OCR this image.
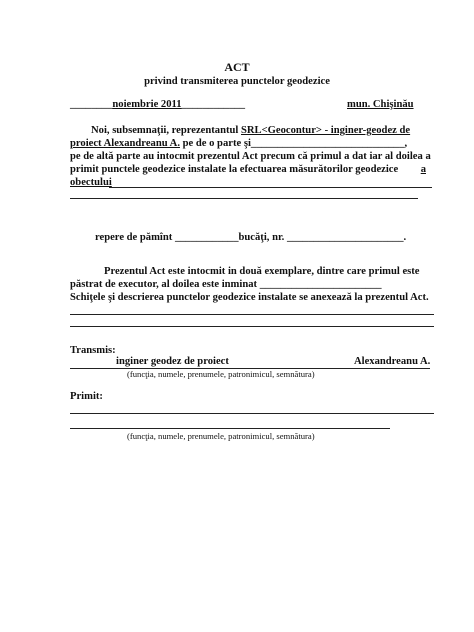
ACT
privind transmiterea punctelor geodezice
________noiembrie 2011____________	mun. Chişinău
Noi, subsemnaţii, reprezentantul SRL<Geocontur> - inginer-geodez de
proiect Alexandreanu A. pe de o parte şi_____________________________,
pe de altă parte au intocmit prezentul Act precum că primul a dat iar al doilea a
primit punctele geodezice instalate la efectuarea măsurătorilor geodezice a
obectului
repere de pămînt ____________bucăţi, nr. ______________________.
Prezentul Act este intocmit in două exemplare, dintre care primul este
păstrat de executor, al doilea este inminat _______________________
Schiţele şi descrierea punctelor geodezice instalate se anexează la prezentul Act.
Transmis:
inginer geodez de proiect	Alexandreanu A.
(funcţia, numele, prenumele, patronimicul, semnătura)
Primit:
(funcţia, numele, prenumele, patronimicul, semnătura)
